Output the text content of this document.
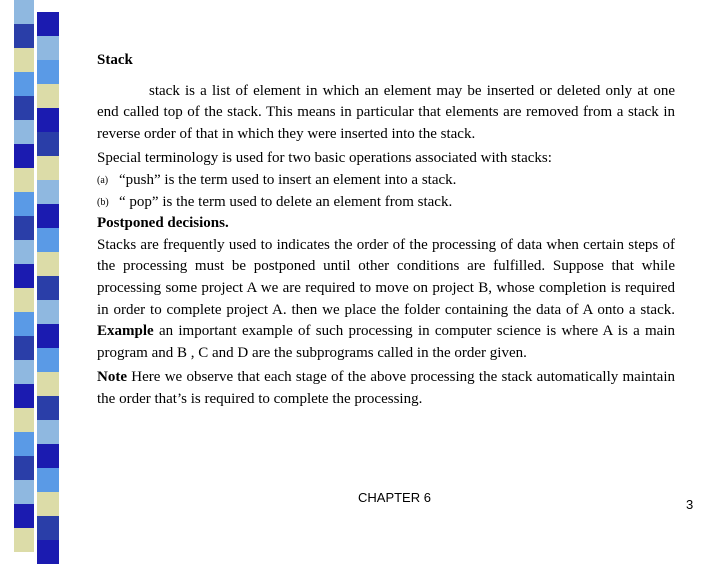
Stack

stack is a list of element in which an element may be inserted or deleted only at one end called top of the stack. This means in particular that elements are removed from a stack in reverse order of that in which they were inserted into the stack.

Special terminology is used for two basic operations associated with stacks:

(a) “push” is the term used to insert an element into a stack.
(b) “ pop” is the term used to delete an element from stack.

Postponed decisions.

Stacks are frequently used to indicates the order of the processing of data when certain steps of the processing must be postponed until other conditions are fulfilled. Suppose that while processing some project A we are required to move on project B, whose completion is required in order to complete project A. then we place the folder containing the data of A onto a stack. Example an important example of such processing in computer science is where A is a main program and B , C and D are the subprograms called in the order given.

Note Here we observe that each stage of the above processing the stack automatically maintain the order that’s is required to complete the processing.

CHAPTER 6	3
